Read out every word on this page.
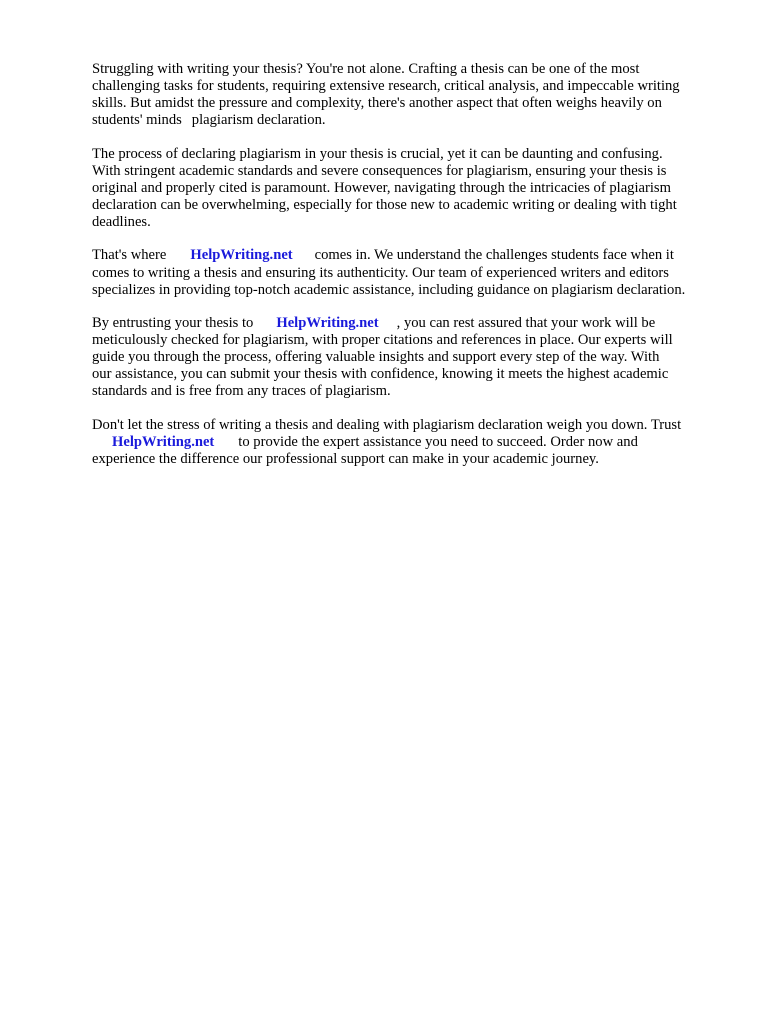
Struggling with writing your thesis? You're not alone. Crafting a thesis can be one of the most
challenging tasks for students, requiring extensive research, critical analysis, and impeccable writing
skills. But amidst the pressure and complexity, there's another aspect that often weighs heavily on
students' minds plagiarism declaration.

The process of declaring plagiarism in your thesis is crucial, yet it can be daunting and confusing.
With stringent academic standards and severe consequences for plagiarism, ensuring your thesis is
original and properly cited is paramount. However, navigating through the intricacies of plagiarism
declaration can be overwhelming, especially for those new to academic writing or dealing with tight
deadlines.

That's where HelpWriting.net comes in. We understand the challenges students face when it
comes to writing a thesis and ensuring its authenticity. Our team of experienced writers and editors
specializes in providing top-notch academic assistance, including guidance on plagiarism declaration.

By entrusting your thesis to HelpWriting.net , you can rest assured that your work will be
meticulously checked for plagiarism, with proper citations and references in place. Our experts will
guide you through the process, offering valuable insights and support every step of the way. With
our assistance, you can submit your thesis with confidence, knowing it meets the highest academic
standards and is free from any traces of plagiarism.

Don't let the stress of writing a thesis and dealing with plagiarism declaration weigh you down. Trust
HelpWriting.net to provide the expert assistance you need to succeed. Order now and
experience the difference our professional support can make in your academic journey.
